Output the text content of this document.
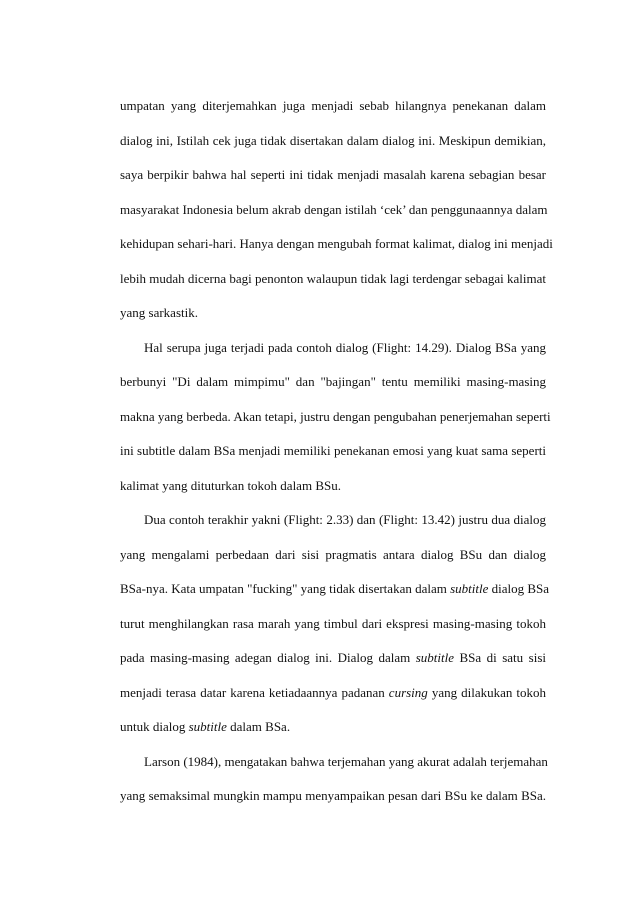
umpatan yang diterjemahkan juga menjadi sebab hilangnya penekanan dalam
dialog ini, Istilah cek juga tidak disertakan dalam dialog ini. Meskipun demikian,
saya berpikir bahwa hal seperti ini tidak menjadi masalah karena sebagian besar
masyarakat Indonesia belum akrab dengan istilah ‘cek’ dan penggunaannya dalam
kehidupan sehari-hari. Hanya dengan mengubah format kalimat, dialog ini menjadi
lebih mudah dicerna bagi penonton walaupun tidak lagi terdengar sebagai kalimat
yang sarkastik.
Hal serupa juga terjadi pada contoh dialog (Flight: 14.29). Dialog BSa yang
berbunyi "Di dalam mimpimu" dan "bajingan" tentu memiliki masing-masing
makna yang berbeda. Akan tetapi, justru dengan pengubahan penerjemahan seperti
ini subtitle dalam BSa menjadi memiliki penekanan emosi yang kuat sama seperti
kalimat yang dituturkan tokoh dalam BSu.
Dua contoh terakhir yakni (Flight: 2.33) dan (Flight: 13.42) justru dua dialog
yang mengalami perbedaan dari sisi pragmatis antara dialog BSu dan dialog
BSa-nya. Kata umpatan "fucking" yang tidak disertakan dalam subtitle dialog BSa
turut menghilangkan rasa marah yang timbul dari ekspresi masing-masing tokoh
pada masing-masing adegan dialog ini. Dialog dalam subtitle BSa di satu sisi
menjadi terasa datar karena ketiadaannya padanan cursing yang dilakukan tokoh
untuk dialog subtitle dalam BSa.
Larson (1984), mengatakan bahwa terjemahan yang akurat adalah terjemahan
yang semaksimal mungkin mampu menyampaikan pesan dari BSu ke dalam BSa.
